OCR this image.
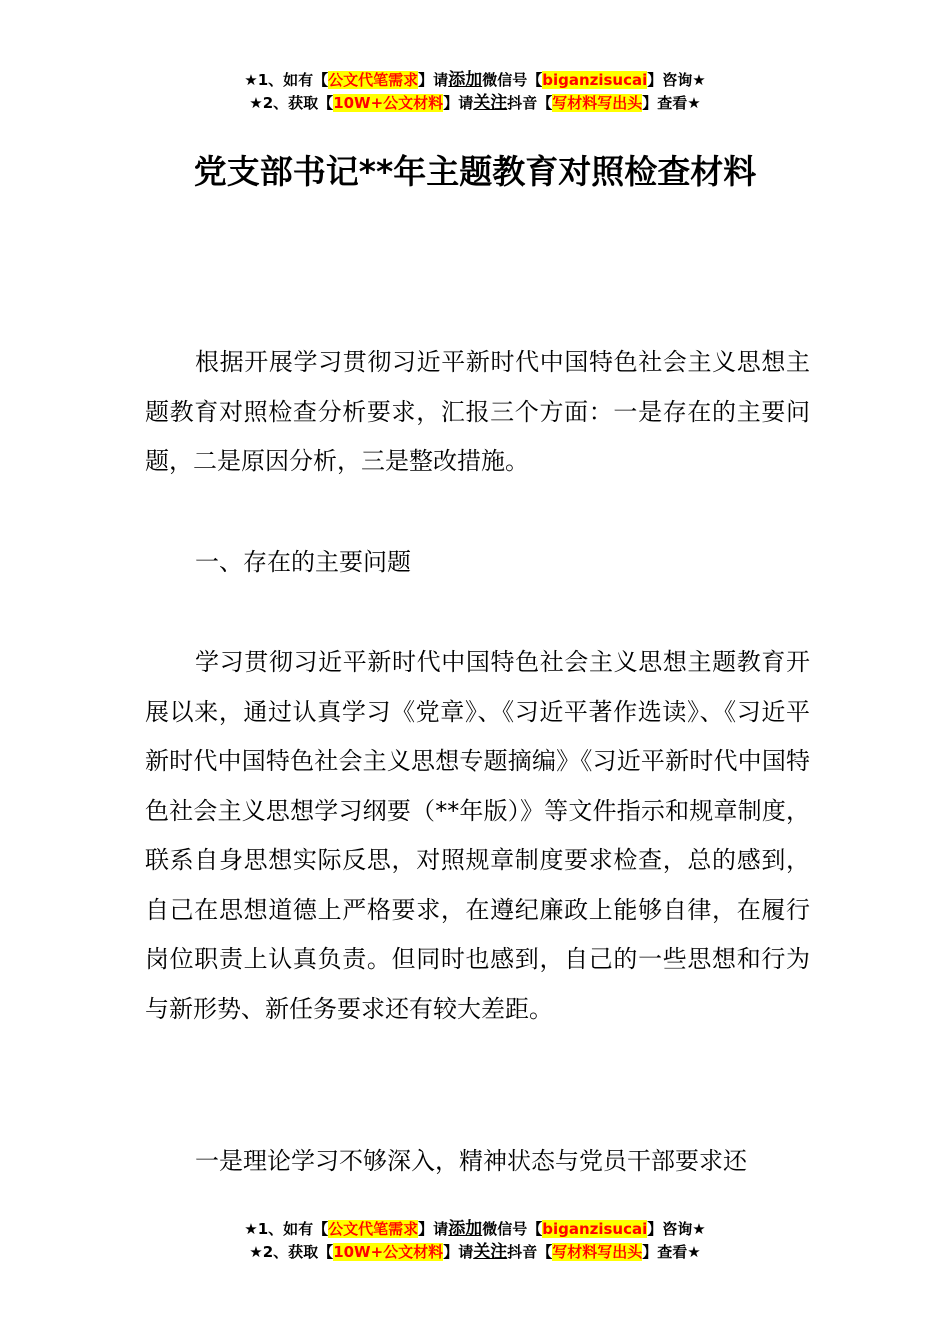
★1、如有【公文代笔需求】请添加微信号【biganzisucai】咨询★
★2、获取【10W+公文材料】请关注抖音【写材料写出头】查看★
党支部书记**年主题教育对照检查材料

根据开展学习贯彻习近平新时代中国特色社会主义思想主题教育对照检查分析要求，汇报三个方面：一是存在的主要问题，二是原因分析，三是整改措施。

一、存在的主要问题

学习贯彻习近平新时代中国特色社会主义思想主题教育开展以来，通过认真学习《党章》、《习近平著作选读》、《习近平新时代中国特色社会主义思想专题摘编》《习近平新时代中国特色社会主义思想学习纲要（**年版）》等文件指示和规章制度，联系自身思想实际反思，对照规章制度要求检查，总的感到，自己在思想道德上严格要求，在遵纪廉政上能够自律，在履行岗位职责上认真负责。但同时也感到，自己的一些思想和行为与新形势、新任务要求还有较大差距。

一是理论学习不够深入，精神状态与党员干部要求还

★1、如有【公文代笔需求】请添加微信号【biganzisucai】咨询★
★2、获取【10W+公文材料】请关注抖音【写材料写出头】查看★
